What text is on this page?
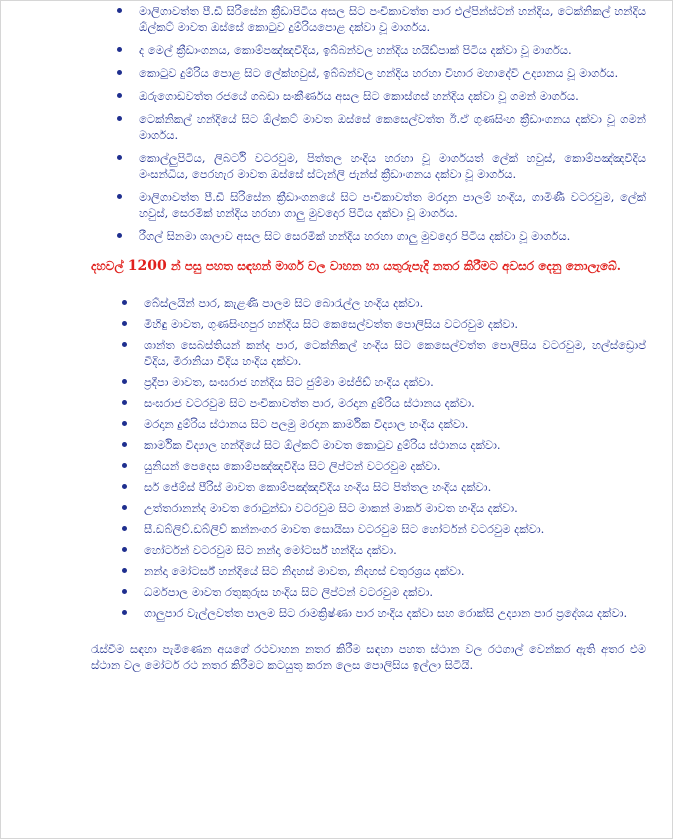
මාලිගාවත්ත පී.ඩී සිරිසේන ක්‍රීඩාපිටිය අසල සිට පංචිකාවත්ත පාර එල්පින්ස්ටන් හන්දිය, ටෙක්නිකල් හන්දිය ඕල්කට් මාවත ඔස්සේ කොටුව දුම්රියපොළ දක්වා වූ මාර්ගය.
ද මෙල් ක්‍රීඩාංගනය, කොම්පඤ්ඤවීදිය, ඉබ්බන්වල හන්දිය හයිඩ්පාක් පිටිය දක්වා වූ මාර්ගය.
කොටුව දුම්රිය පොළ සිට ලේක්හවුස්, ඉබ්බන්වල හන්දිය හරහා විහාර මහාදේවි උද්‍යානය වූ මාර්ගය.
ඔරුගොඩවත්ත රජයේ ගබඩා සංකීර්ණය අසල සිට කොස්ගස් හන්දිය දක්වා වූ ගමන් මාර්ගය.
ටෙක්නිකල් හන්දියේ සිට ඕල්කට් මාවත ඔස්සේ කෙසෙල්වත්ත ඊ.ඒ ගුණසිංහ ක්‍රීඩාංගනය දක්වා වූ ගමන් මාර්ගය.
කොල්ලුපිටිය, ලිබර්ටි වටරවුම, පිත්තල හංදිය හරහා වූ මාර්ගයත් ලේක් හවුස්, කොම්පඤ්ඤවීදිය මංසන්ධිය, පෙරහැර මාවත ඔස්සේ ස්ටැන්ලි ජැන්ස් ක්‍රීඩාංගනය දක්වා වූ මාර්ගය.
මාලිගාවත්ත පී.ඩී සිරිසේන ක්‍රීඩාංගනයේ සිට පංචිකාවත්ත මරදාන පාලම් හංදිය, ගාමිණී වටරවුම, ලේක් හවුස්, සෙරමික් හන්දිය හරහා ගාලු මුවදොර පිටිය දක්වා වූ මාර්ගය.
රීගල් සිනමා ශාලාව අසල සිට සෙරමික් හන්දිය හරහා ගාලු මුවදොර පිටිය දක්වා වූ මාර්ගය.

දහවල් 1200 න් පසු පහත සඳහන් මාර්ග වල වාහන හා යතුරුපැදි නතර කිරීමට අවසර දෙනු නොලැබේ.

බේස්ලයින් පාර, කැළණි පාලම සිට බොරැල්ල හංදිය දක්වා.
මිහිඳු මාවත, ගුණසිංහපුර හන්දිය සිට කෙසෙල්වත්ත පොලිසිය වටරවුම දක්වා.
ශාන්ත සෙබස්තියන් කන්ද පාර, ටෙක්නිකල් හංදිය සිට කෙසෙල්වත්ත පොලිසිය වටරවුම, හල්ස්ඩ්‍රොප් වීදිය, මිරානියා වීදිය හංදිය දක්වා.
ප්‍රදීපා මාවත, සංඝරාජ හන්දිය සිට ජුම්මා මස්ජිඩ් හංදිය දක්වා.
සංඝරාජ වටරවුම සිට පංචිකාවත්ත පාර, මරදාන දුම්රිය ස්ථානය දක්වා.
මරදාන දුම්රිය ස්ථානය සිට පලමු මරදාන කාර්මික විද්‍යාල හංදිය දක්වා.
කාර්මික විද්‍යාල හන්දියේ සිට ඕල්කට් මාවත කොටුව දුම්රිය ස්ථානය දක්වා.
යුනියන් පෙදෙස කොම්පඤ්ඤවීදිය සිට ලිප්ටන් වටරවුම දක්වා.
සර් ජේම්ස් පීරිස් මාවත කොම්පඤ්ඤවීදිය හංදිය සිට පිත්තල හංදිය දක්වා.
උත්තරානන්ද මාවත රොටුන්ඩා වටරවුම සිට මාකන් මාකර් මාවත හංදිය දක්වා.
සී.ඩබ්ලිව්.ඩබ්ලිව් කන්නංගර මාවත සොයිසා වටරවුම සිට හෝර්ටන් වටරවුම දක්වා.
හෝර්ටන් වටරවුම සිට නන්දා මෝටර්ස් හන්දිය දක්වා.
නන්දා මෝටර්ස් හන්දියේ සිට නිදහස් මාවත, නිදහස් චතුරශ්‍රය දක්වා.
ධර්මපාල මාවත රතුකුරුස හංදිය සිට ලිප්ටන් වටරවුම දක්වා.
ගාලුපාර වැල්ලවත්ත පාලම සිට රාමක්‍රිෂ්ණා පාර හංදිය දක්වා සහ රොක්සි උද්‍යාන පාර ප්‍රදේශය දක්වා.

රැස්වීම සඳහා පැමිණෙන අයගේ රථවාහන නතර කිරීම සඳහා පහත ස්ථාන වල රථගාල් වෙන්කර ඇති අතර එම ස්ථාන වල මෝටර් රථ නතර කිරීමට කටයුතු කරන ලෙස පොලිසිය ඉල්ලා සිටියි.
